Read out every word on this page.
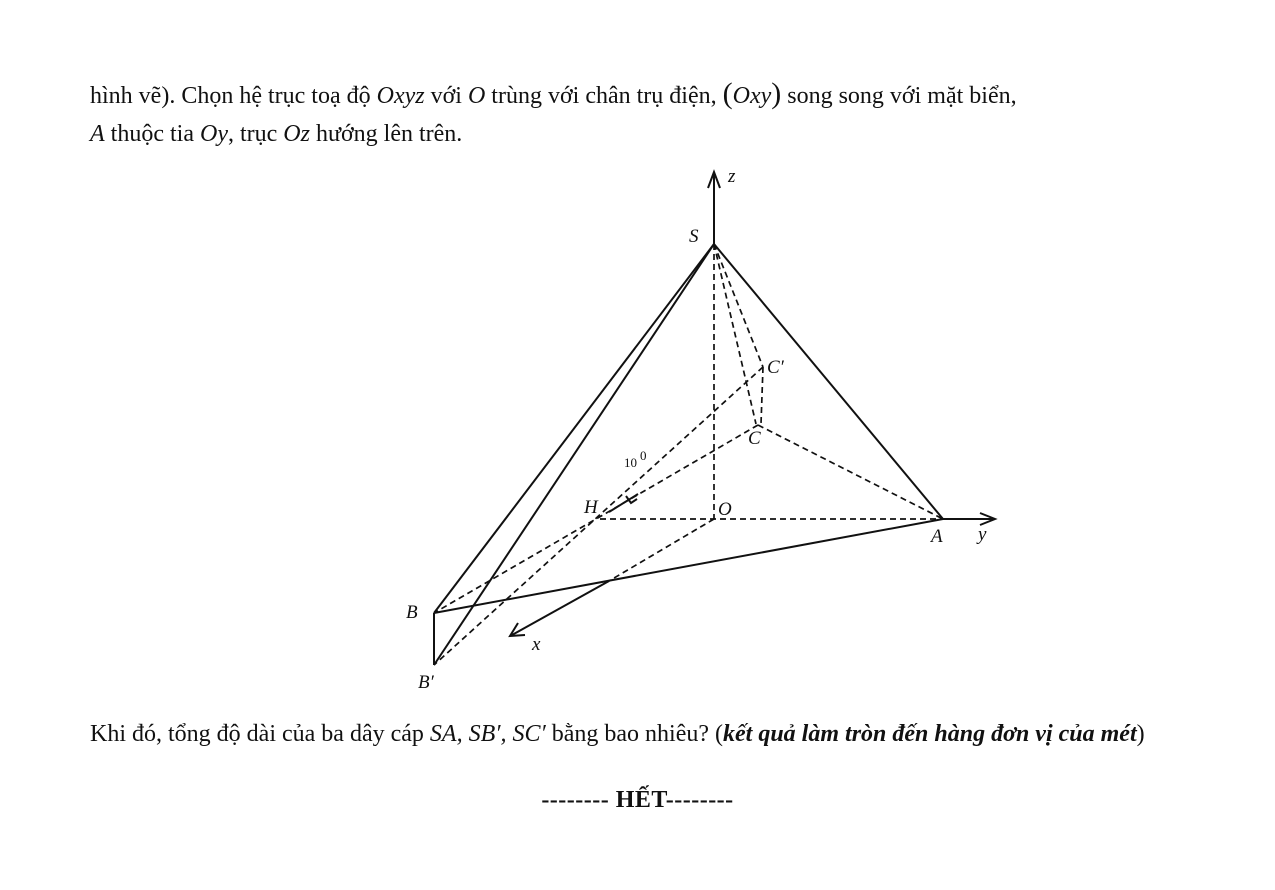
hình vẽ). Chọn hệ trục toạ độ Oxyz với O trùng với chân trụ điện, (Oxy) song song với mặt biển,
A thuộc tia Oy, trục Oz hướng lên trên.

z
S
C′
C
10 0
H	O
A y
B
x
B′

Khi đó, tổng độ dài của ba dây cáp SA, SB′, SC′ bằng bao nhiêu? (kết quả làm tròn đến hàng đơn vị của mét)

-------- HẾT--------
